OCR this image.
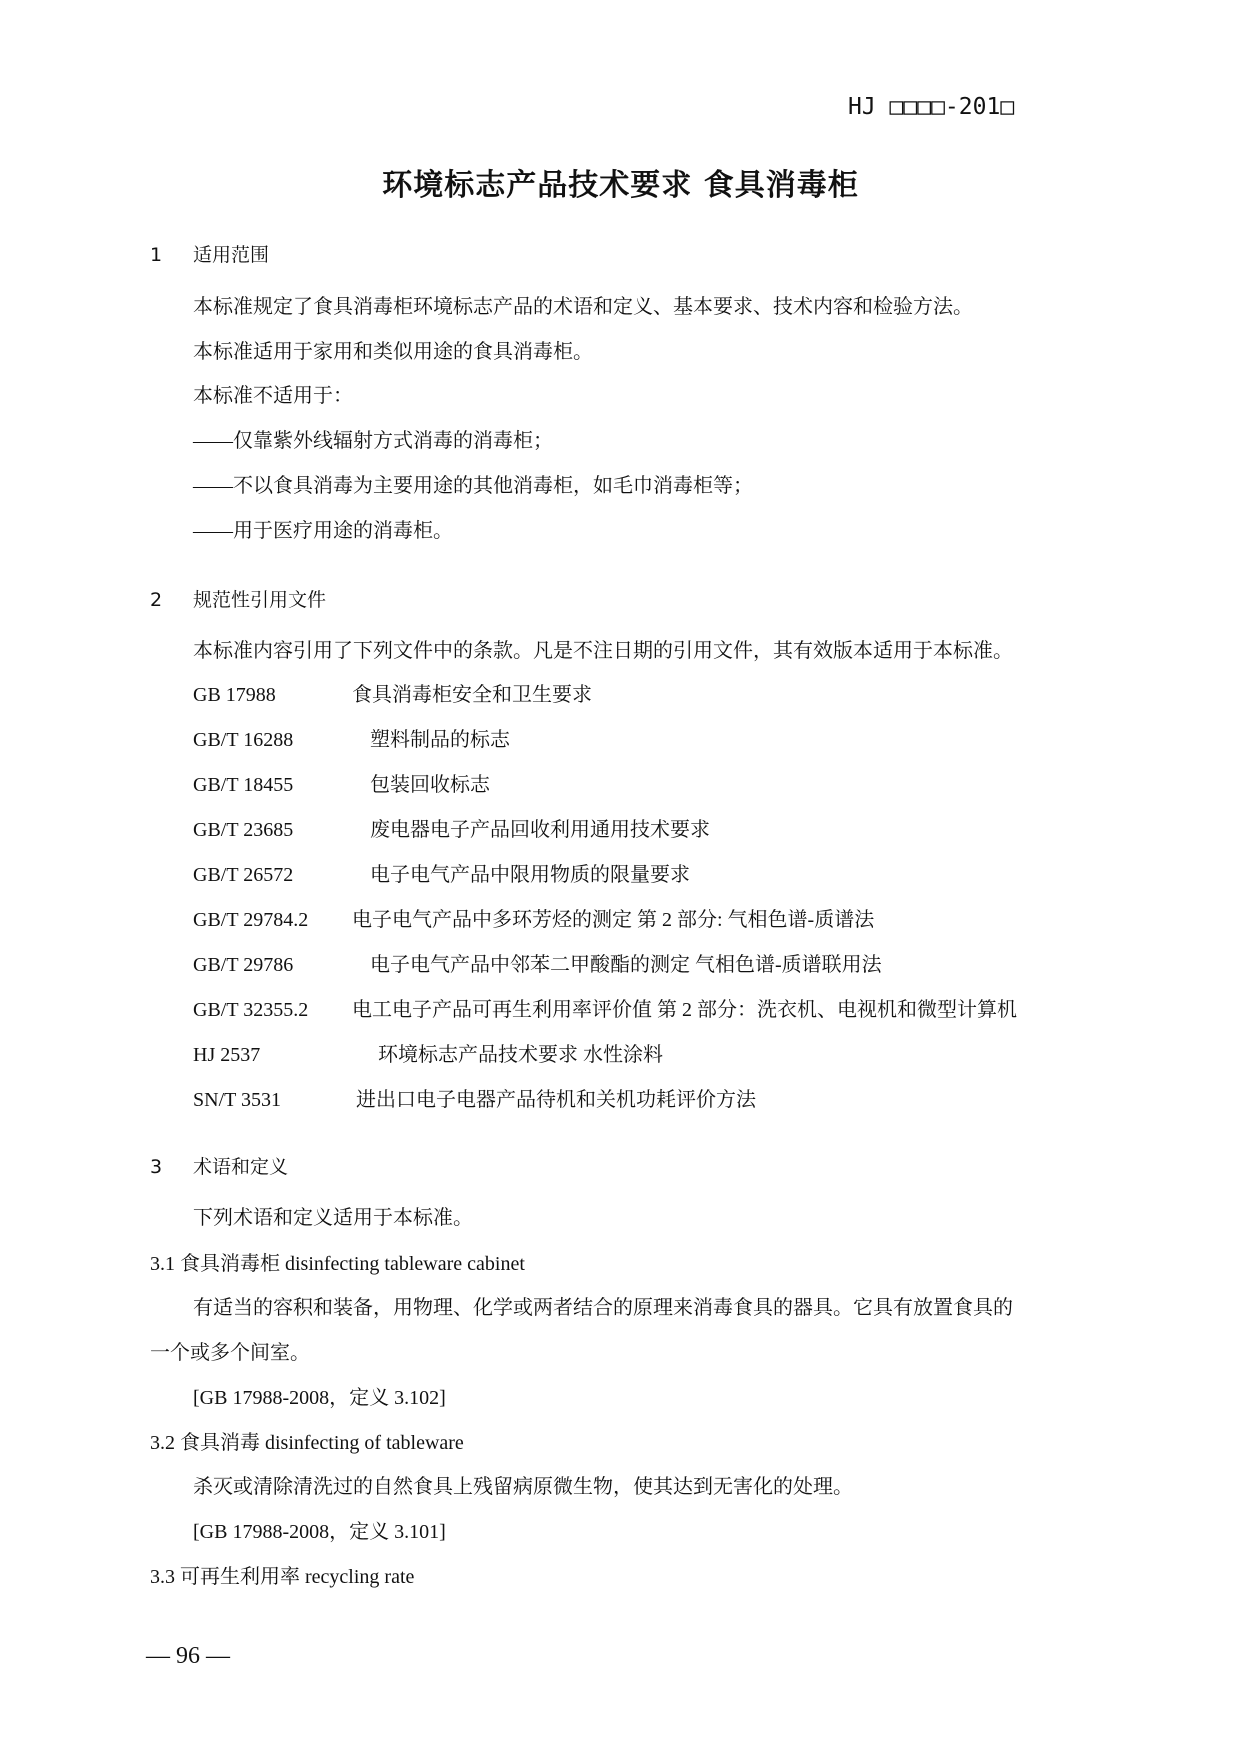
HJ □□□□-201□
环境标志产品技术要求 食具消毒柜
1 适用范围
本标准规定了食具消毒柜环境标志产品的术语和定义、基本要求、技术内容和检验方法。
本标准适用于家用和类似用途的食具消毒柜。
本标准不适用于：
——仅靠紫外线辐射方式消毒的消毒柜；
——不以食具消毒为主要用途的其他消毒柜，如毛巾消毒柜等；
——用于医疗用途的消毒柜。
2 规范性引用文件
本标准内容引用了下列文件中的条款。凡是不注日期的引用文件，其有效版本适用于本标准。
GB 17988	食具消毒柜安全和卫生要求
GB/T 16288	塑料制品的标志
GB/T 18455	包装回收标志
GB/T 23685	废电器电子产品回收利用通用技术要求
GB/T 26572	电子电气产品中限用物质的限量要求
GB/T 29784.2 电子电气产品中多环芳烃的测定 第 2 部分: 气相色谱-质谱法
GB/T 29786	电子电气产品中邻苯二甲酸酯的测定 气相色谱-质谱联用法
GB/T 32355.2 电工电子产品可再生利用率评价值 第 2 部分：洗衣机、电视机和微型计算机
HJ 2537	环境标志产品技术要求 水性涂料
SN/T 3531	进出口电子电器产品待机和关机功耗评价方法
3 术语和定义
下列术语和定义适用于本标准。
3.1 食具消毒柜 disinfecting tableware cabinet
有适当的容积和装备，用物理、化学或两者结合的原理来消毒食具的器具。它具有放置食具的
一个或多个间室。
[GB 17988-2008，定义 3.102]
3.2 食具消毒 disinfecting of tableware
杀灭或清除清洗过的自然食具上残留病原微生物，使其达到无害化的处理。
[GB 17988-2008，定义 3.101]
3.3 可再生利用率 recycling rate
— 96 —
